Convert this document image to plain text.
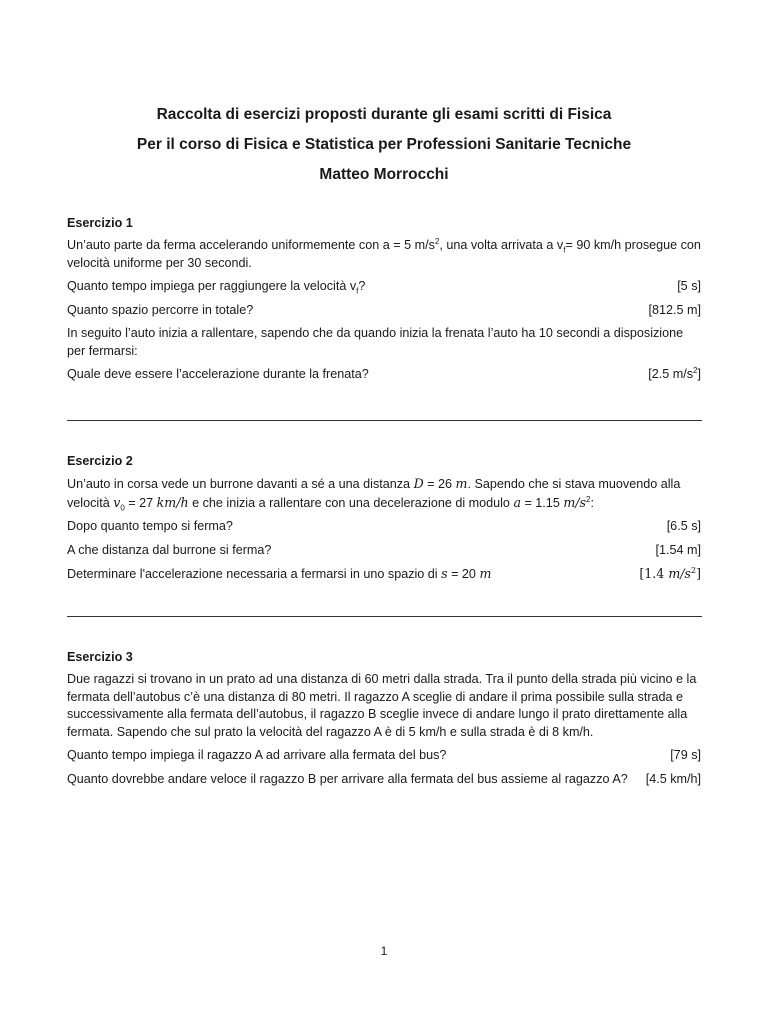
Raccolta di esercizi proposti durante gli esami scritti di Fisica
Per il corso di Fisica e Statistica per Professioni Sanitarie Tecniche
Matteo Morrocchi
Esercizio 1
Un’auto parte da ferma accelerando uniformemente con a = 5 $m/s^2$, una volta arrivata a $v_f= 90$ km/h prosegue con velocità uniforme per 30 secondi.
Quanto tempo impiega per raggiungere la velocità $v_f$?	[5 s]
Quanto spazio percorre in totale?	[812.5 m]
In seguito l’auto inizia a rallentare, sapendo che da quando inizia la frenata l’auto ha 10 secondi a disposizione per fermarsi:
Quale deve essere l’accelerazione durante la frenata?	[2.5 $m/s^2$]
Esercizio 2
Un’auto in corsa vede un burrone davanti a sé a una distanza D = 26 m. Sapendo che si stava muovendo alla velocità $v_0 = 27$ km/h e che inizia a rallentare con una decelerazione di modulo a = 1.15 $m/s^2$:
Dopo quanto tempo si ferma?	[6.5 s]
A che distanza dal burrone si ferma?	[1.54 m]
Determinare l'accelerazione necessaria a fermarsi in uno spazio di s = 20 m	[1.4 $m/s^2$]
Esercizio 3
Due ragazzi si trovano in un prato ad una distanza di 60 metri dalla strada. Tra il punto della strada più vicino e la fermata dell’autobus c’è una distanza di 80 metri. Il ragazzo A sceglie di andare il prima possibile sulla strada e successivamente alla fermata dell’autobus, il ragazzo B sceglie invece di andare lungo il prato direttamente alla fermata. Sapendo che sul prato la velocità del ragazzo A è di 5 km/h e sulla strada è di 8 km/h.
Quanto tempo impiega il ragazzo A ad arrivare alla fermata del bus?	[79 s]
Quanto dovrebbe andare veloce il ragazzo B per arrivare alla fermata del bus assieme al ragazzo A?	[4.5 km/h]
1
